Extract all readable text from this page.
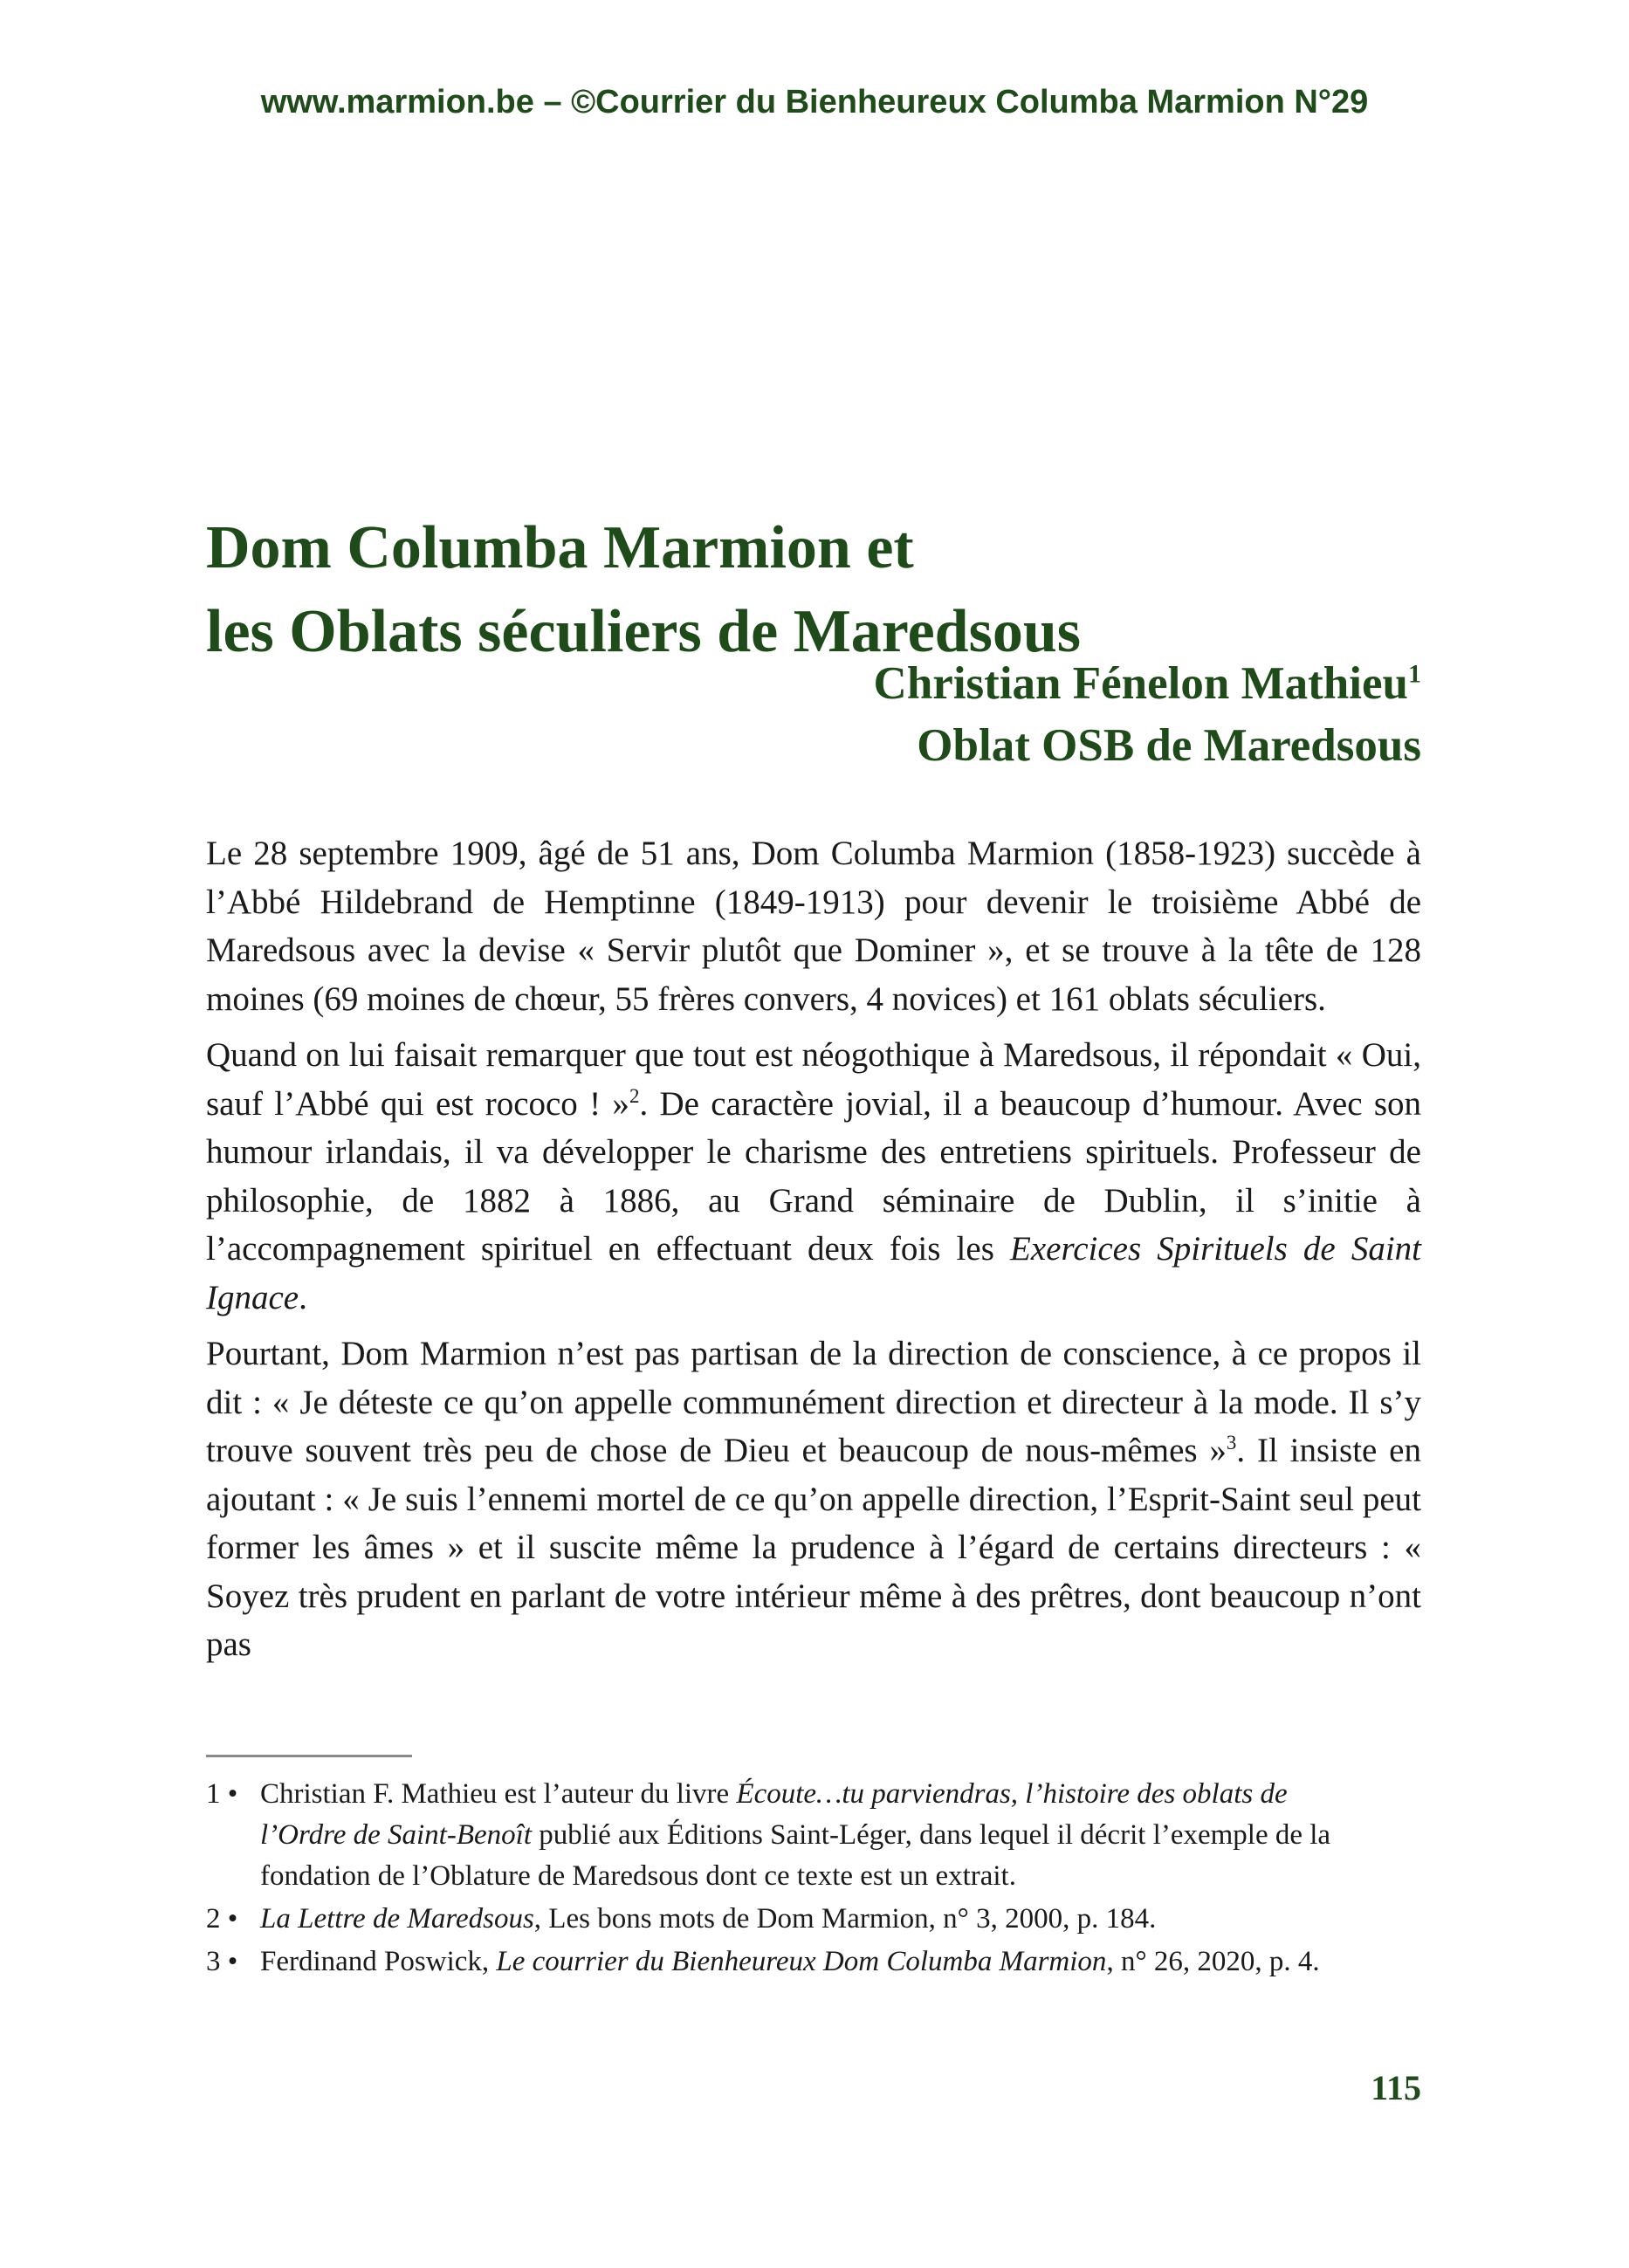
www.marmion.be – ©Courrier du Bienheureux Columba Marmion N°29
Dom Columba Marmion et
les Oblats séculiers de Maredsous
Christian Fénelon Mathieu$^1$
Oblat OSB de Maredsous

Le 28 septembre 1909, âgé de 51 ans, Dom Columba Marmion (1858-1923) succède à l’Abbé Hildebrand de Hemptinne (1849-1913) pour devenir le troisième Abbé de Maredsous avec la devise « Servir plutôt que Dominer », et se trouve à la tête de 128 moines (69 moines de chœur, 55 frères convers, 4 novices) et 161 oblats séculiers.

Quand on lui faisait remarquer que tout est néogothique à Maredsous, il répondait « Oui, sauf l’Abbé qui est rococo ! »$^2$. De caractère jovial, il a beaucoup d’humour. Avec son humour irlandais, il va développer le charisme des entretiens spirituels. Professeur de philosophie, de 1882 à 1886, au Grand séminaire de Dublin, il s’initie à l’accompagnement spirituel en effectuant deux fois les Exercices Spirituels de Saint Ignace.

Pourtant, Dom Marmion n’est pas partisan de la direction de conscience, à ce propos il dit : « Je déteste ce qu’on appelle communément direction et directeur à la mode. Il s’y trouve souvent très peu de chose de Dieu et beaucoup de nous-mêmes »$^3$. Il insiste en ajoutant : « Je suis l’ennemi mortel de ce qu’on appelle direction, l’Esprit-Saint seul peut former les âmes » et il suscite même la prudence à l’égard de certains directeurs : « Soyez très prudent en parlant de votre intérieur même à des prêtres, dont beaucoup n’ont pas

1 • Christian F. Mathieu est l’auteur du livre Écoute…tu parviendras, l’histoire des oblats de l’Ordre de Saint-Benoît publié aux Éditions Saint-Léger, dans lequel il décrit l’exemple de la fondation de l’Oblature de Maredsous dont ce texte est un extrait.
2 • La Lettre de Maredsous, Les bons mots de Dom Marmion, n° 3, 2000, p. 184.
3 • Ferdinand Poswick, Le courrier du Bienheureux Dom Columba Marmion, n° 26, 2020, p. 4.
115
